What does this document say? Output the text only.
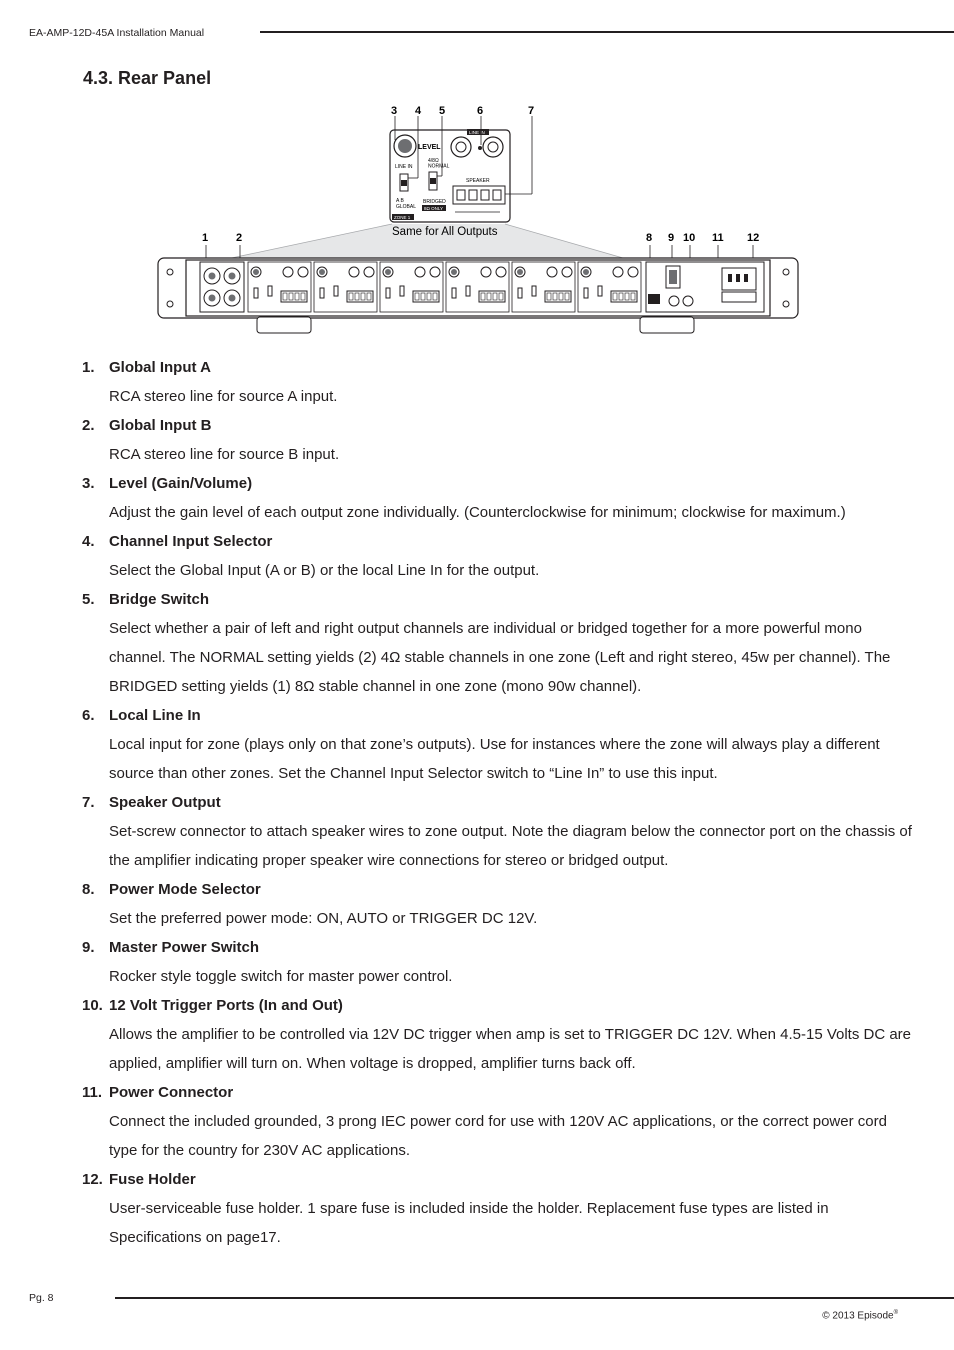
EA-AMP-12D-45A Installation Manual
4.3. Rear Panel
LEVEL
LINE IN
LINE IN
A B
GLOBAL
4/8Ω NORMAL
BRIDGED
8Ω ONLY
SPEAKER
ZONE 1
3 4 5	6	7
Same for All Outputs
1	2	8 9 10 11 12
1. Global Input A
RCA stereo line for source A input.
2. Global Input B
RCA stereo line for source B input.
3. Level (Gain/Volume)
Adjust the gain level of each output zone individually. (Counterclockwise for minimum; clockwise for maximum.)
4. Channel Input Selector
Select the Global Input (A or B) or the local Line In for the output.
5. Bridge Switch
Select whether a pair of left and right output channels are individual or bridged together for a more powerful mono channel. The NORMAL setting yields (2) 4Ω stable channels in one zone (Left and right stereo, 45w per channel). The BRIDGED setting yields (1) 8Ω stable channel in one zone (mono 90w channel).
6. Local Line In
Local input for zone (plays only on that zone’s outputs). Use for instances where the zone will always play a different source than other zones. Set the Channel Input Selector switch to “Line In” to use this input.
7. Speaker Output
Set-screw connector to attach speaker wires to zone output. Note the diagram below the connector port on the chassis of the amplifier indicating proper speaker wire connections for stereo or bridged output.
8. Power Mode Selector
Set the preferred power mode: ON, AUTO or TRIGGER DC 12V.
9. Master Power Switch
Rocker style toggle switch for master power control.
10. 12 Volt Trigger Ports (In and Out)
Allows the amplifier to be controlled via 12V DC trigger when amp is set to TRIGGER DC 12V. When 4.5-15 Volts DC are applied, amplifier will turn on. When voltage is dropped, amplifier turns back off.
11. Power Connector
Connect the included grounded, 3 prong IEC power cord for use with 120V AC applications, or the correct power cord type for the country for 230V AC applications.
12. Fuse Holder
User-serviceable fuse holder. 1 spare fuse is included inside the holder. Replacement fuse types are listed in Specifications on page17.
Pg. 8
© 2013 Episode®
